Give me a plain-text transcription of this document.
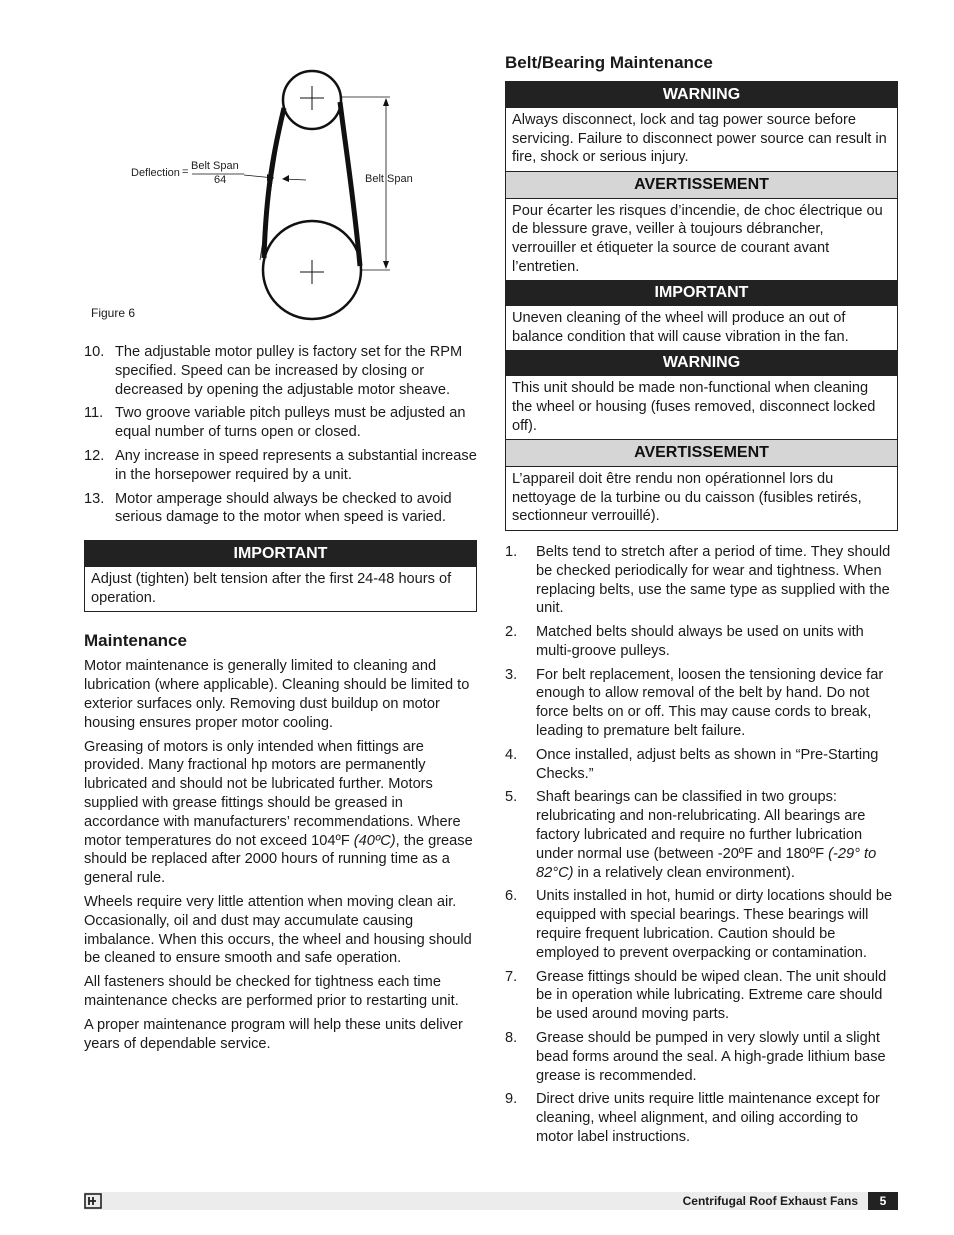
Deflection = Belt Span
64	Belt Span
Figure 6
10. The adjustable motor pulley is factory set for the RPM specified. Speed can be increased by closing or decreased by opening the adjustable motor sheave.
11. Two groove variable pitch pulleys must be adjusted an equal number of turns open or closed.
12. Any increase in speed represents a substantial increase in the horsepower required by a unit.
13. Motor amperage should always be checked to avoid serious damage to the motor when speed is varied.
IMPORTANT
Adjust (tighten) belt tension after the first 24-48 hours of operation.
Maintenance

Motor maintenance is generally limited to cleaning and lubrication (where applicable). Cleaning should be limited to exterior surfaces only. Removing dust buildup on motor housing ensures proper motor cooling.

Greasing of motors is only intended when fittings are provided. Many fractional hp motors are permanently lubricated and should not be lubricated further. Motors supplied with grease fittings should be greased in accordance with manufacturers’ recommendations. Where motor temperatures do not exceed 104ºF (40ºC), the grease should be replaced after 2000 hours of running time as a general rule.

Wheels require very little attention when moving clean air. Occasionally, oil and dust may accumulate causing imbalance. When this occurs, the wheel and housing should be cleaned to ensure smooth and safe operation.

All fasteners should be checked for tightness each time maintenance checks are performed prior to restarting unit.

A proper maintenance program will help these units deliver years of dependable service.

Belt/Bearing Maintenance
WARNING
Always disconnect, lock and tag power source before servicing. Failure to disconnect power source can result in fire, shock or serious injury.
AVERTISSEMENT
Pour écarter les risques d’incendie, de choc électrique ou de blessure grave, veiller à toujours débrancher, verrouiller et étiqueter la source de courant avant l’entretien.
IMPORTANT
Uneven cleaning of the wheel will produce an out of balance condition that will cause vibration in the fan.
WARNING
This unit should be made non-functional when cleaning the wheel or housing (fuses removed, disconnect locked off).
AVERTISSEMENT
L’appareil doit être rendu non opérationnel lors du nettoyage de la turbine ou du caisson (fusibles retirés, sectionneur verrouillé).
1. Belts tend to stretch after a period of time. They should be checked periodically for wear and tightness. When replacing belts, use the same type as supplied with the unit.
2. Matched belts should always be used on units with multi-groove pulleys.
3. For belt replacement, loosen the tensioning device far enough to allow removal of the belt by hand. Do not force belts on or off. This may cause cords to break, leading to premature belt failure.
4. Once installed, adjust belts as shown in “Pre-Starting Checks.”
5. Shaft bearings can be classified in two groups: relubricating and non-relubricating. All bearings are factory lubricated and require no further lubrication under normal use (between -20ºF and 180ºF (-29° to 82°C) in a relatively clean environment).
6. Units installed in hot, humid or dirty locations should be equipped with special bearings. These bearings will require frequent lubrication. Caution should be employed to prevent overpacking or contamination.
7. Grease fittings should be wiped clean. The unit should be in operation while lubricating. Extreme care should be used around moving parts.
8. Grease should be pumped in very slowly until a slight bead forms around the seal. A high-grade lithium base grease is recommended.
9. Direct drive units require little maintenance except for cleaning, wheel alignment, and oiling according to motor label instructions.
Centrifugal Roof Exhaust Fans	5
